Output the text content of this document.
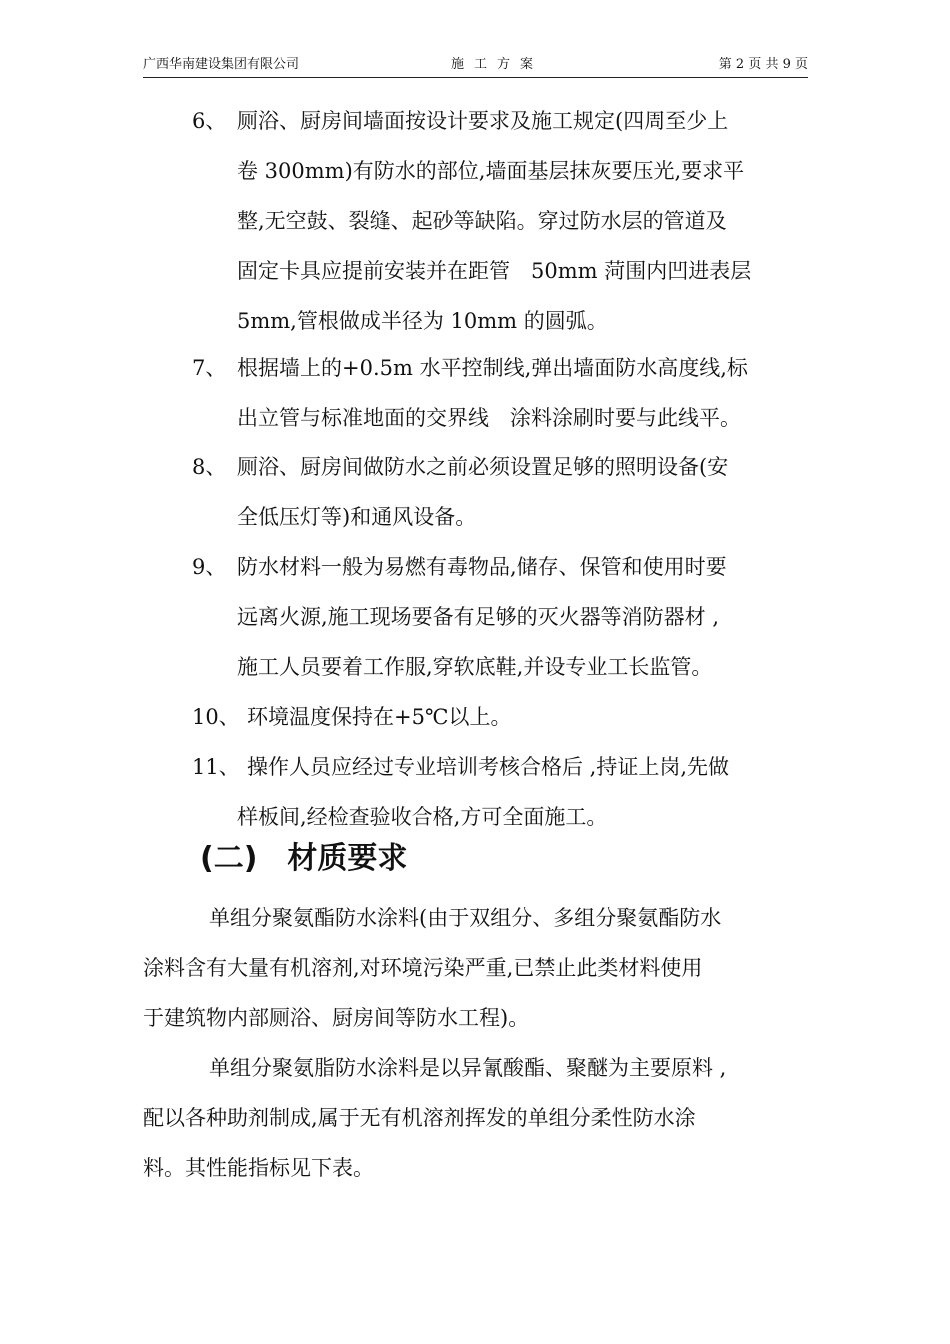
广西华南建设集团有限公司	施工方案	第 2 页 共 9 页
6、 厕浴、厨房间墙面按设计要求及施工规定(四周至少上
卷 300mm)有防水的部位,墙面基层抹灰要压光,要求平
整,无空鼓、裂缝、起砂等缺陷。穿过防水层的管道及
固定卡具应提前安装并在距管　50mm 菏围内凹进表层
5mm,管根做成半径为 10mm 的圆弧。
7、 根据墙上的+0.5m 水平控制线,弹出墙面防水高度线,标
出立管与标准地面的交界线　涂料涂刷时要与此线平。
8、 厕浴、厨房间做防水之前必须设置足够的照明设备(安
全低压灯等)和通风设备。
9、 防水材料一般为易燃有毒物品,储存、保管和使用时要
远离火源,施工现场要备有足够的灭火器等消防器材 ,
施工人员要着工作服,穿软底鞋,并设专业工长监管。
10、 环境温度保持在+5℃以上。
11、 操作人员应经过专业培训考核合格后 ,持证上岗,先做
样板间,经检查验收合格,方可全面施工。
(二)　材质要求
单组分聚氨酯防水涂料(由于双组分、多组分聚氨酯防水
涂料含有大量有机溶剂,对环境污染严重,已禁止此类材料使用
于建筑物内部厕浴、厨房间等防水工程)。
单组分聚氨脂防水涂料是以异氰酸酯、聚醚为主要原料 ,
配以各种助剂制成,属于无有机溶剂挥发的单组分柔性防水涂
料。其性能指标见下表。
